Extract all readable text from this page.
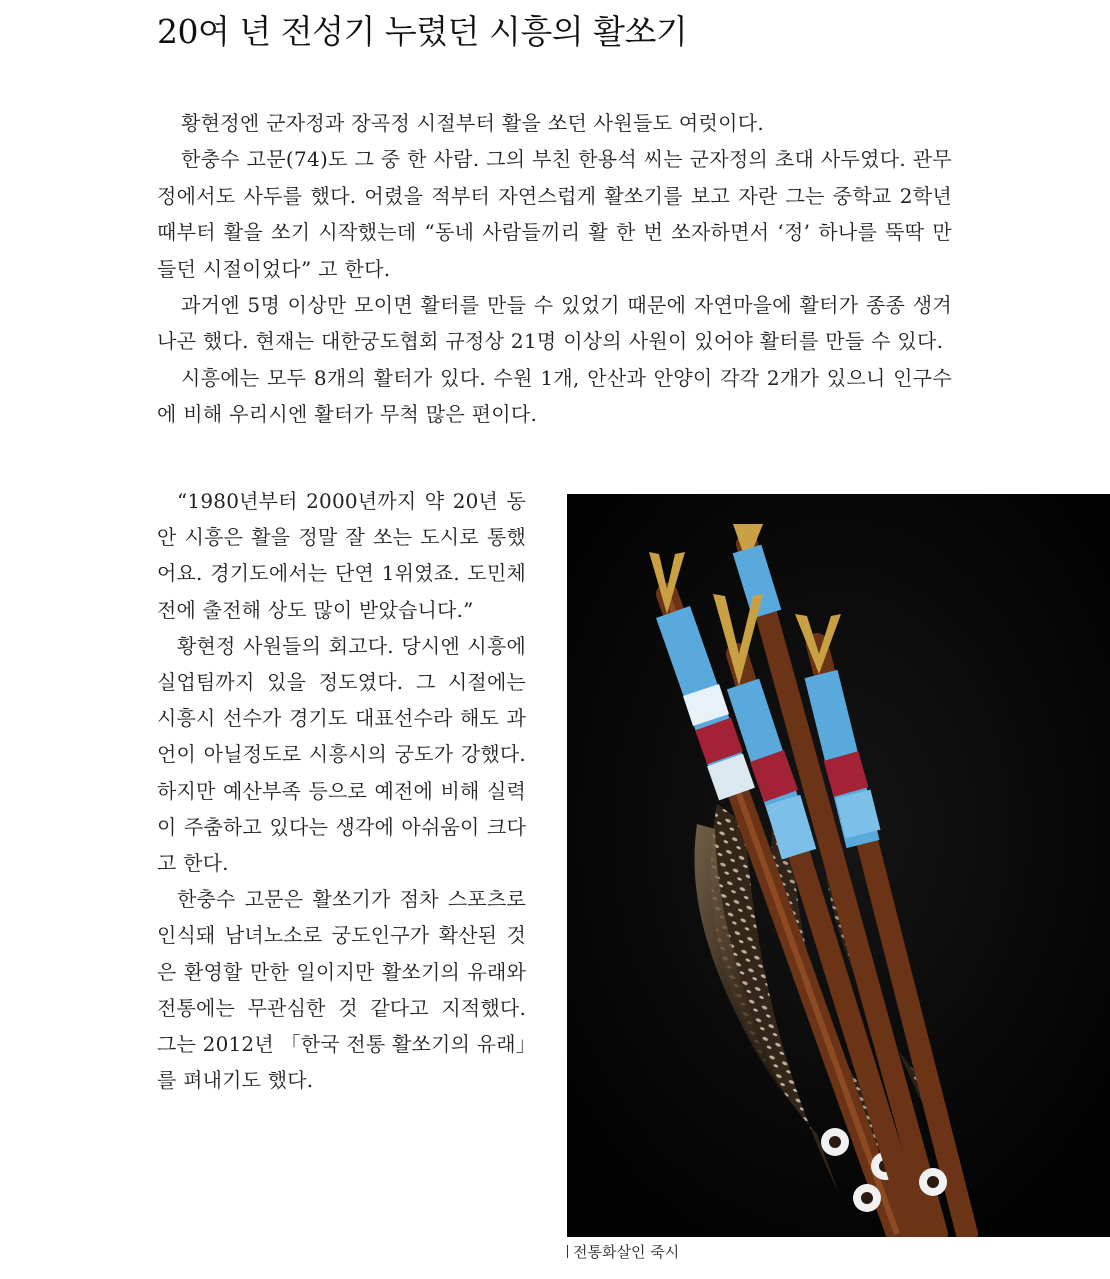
20여 년 전성기 누렸던 시흥의 활쏘기

황현정엔 군자정과 장곡정 시절부터 활을 쏘던 사원들도 여럿이다.

한충수 고문(74)도 그 중 한 사람. 그의 부친 한용석 씨는 군자정의 초대 사두였다. 관무정에서도 사두를 했다. 어렸을 적부터 자연스럽게 활쏘기를 보고 자란 그는 중학교 2학년 때부터 활을 쏘기 시작했는데 “동네 사람들끼리 활 한 번 쏘자하면서 ‘정’ 하나를 뚝딱 만들던 시절이었다” 고 한다.

과거엔 5명 이상만 모이면 활터를 만들 수 있었기 때문에 자연마을에 활터가 종종 생겨나곤 했다. 현재는 대한궁도협회 규정상 21명 이상의 사원이 있어야 활터를 만들 수 있다.

시흥에는 모두 8개의 활터가 있다. 수원 1개, 안산과 안양이 각각 2개가 있으니 인구수에 비해 우리시엔 활터가 무척 많은 편이다.

“1980년부터 2000년까지 약 20년 동안 시흥은 활을 정말 잘 쏘는 도시로 통했어요. 경기도에서는 단연 1위였죠. 도민체전에 출전해 상도 많이 받았습니다.”

황현정 사원들의 회고다. 당시엔 시흥에 실업팀까지 있을 정도였다. 그 시절에는 시흥시 선수가 경기도 대표선수라 해도 과언이 아닐정도로 시흥시의 궁도가 강했다. 하지만 예산부족 등으로 예전에 비해 실력이 주춤하고 있다는 생각에 아쉬움이 크다고 한다.

한충수 고문은 활쏘기가 점차 스포츠로 인식돼 남녀노소로 궁도인구가 확산된 것은 환영할 만한 일이지만 활쏘기의 유래와 전통에는 무관심한 것 같다고 지적했다. 그는 2012년 「한국 전통 활쏘기의 유래」를 펴내기도 했다.

전통화살인 죽시
